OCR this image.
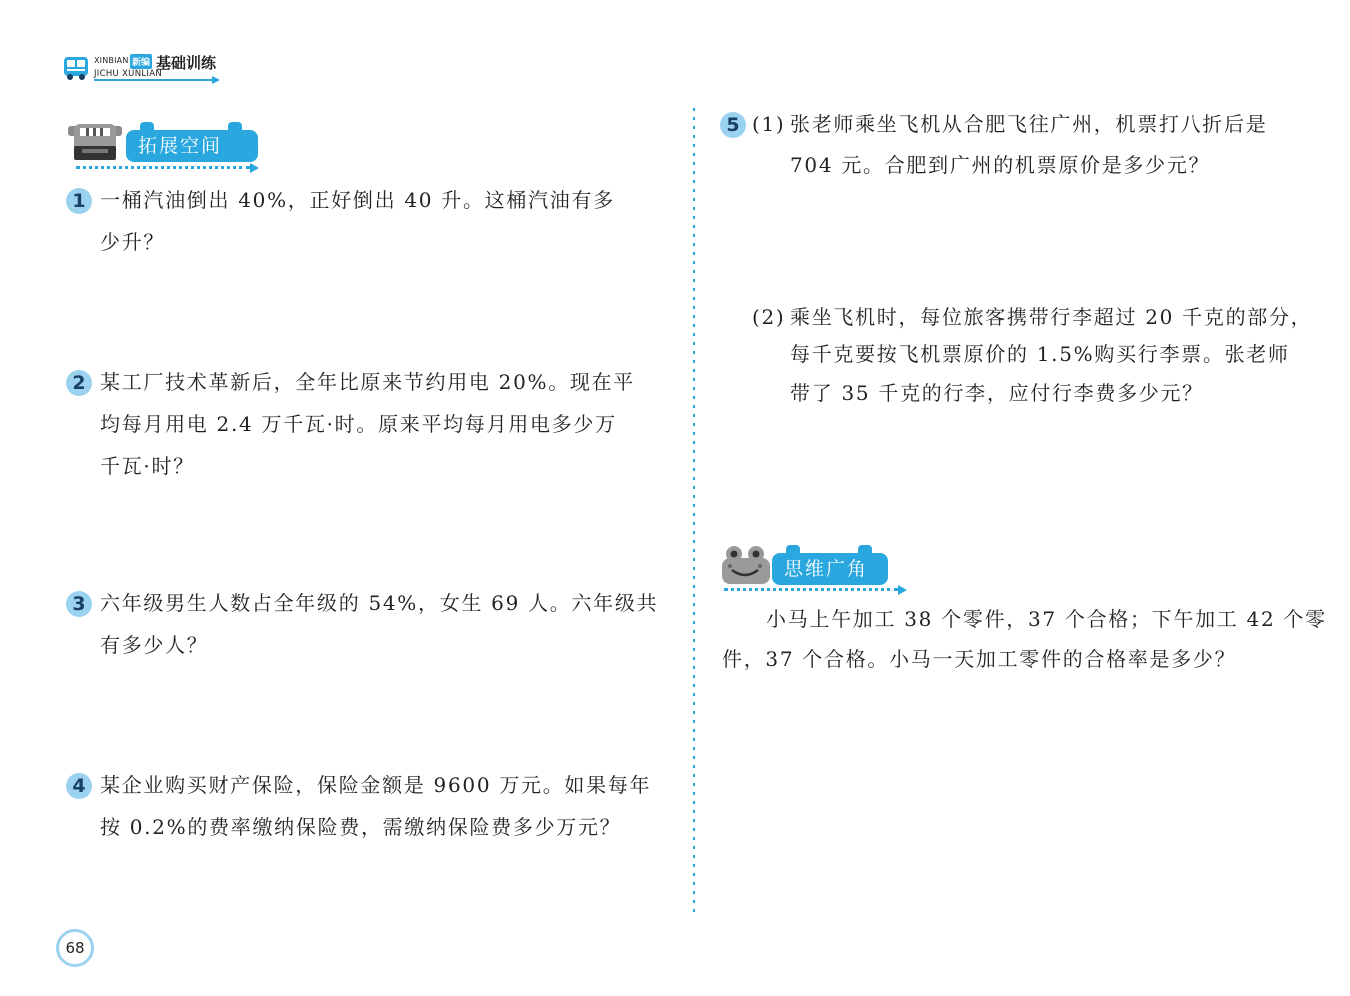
XINBIAN 新编 基础训练
JICHU XUNLIAN
拓展空间
1 一桶汽油倒出 40%，正好倒出 40 升。这桶汽油有多
少升？
2 某工厂技术革新后，全年比原来节约用电 20%。现在平
均每月用电 2.4 万千瓦·时。原来平均每月用电多少万
千瓦·时？
3 六年级男生人数占全年级的 54%，女生 69 人。六年级共
有多少人？
4 某企业购买财产保险，保险金额是 9600 万元。如果每年
按 0.2%的费率缴纳保险费，需缴纳保险费多少万元？
5 (1) 张老师乘坐飞机从合肥飞往广州，机票打八折后是
704 元。合肥到广州的机票原价是多少元？
(2) 乘坐飞机时，每位旅客携带行李超过 20 千克的部分，
每千克要按飞机票原价的 1.5%购买行李票。张老师
带了 35 千克的行李，应付行李费多少元？
思维广角
小马上午加工 38 个零件，37 个合格；下午加工 42 个零
件，37 个合格。小马一天加工零件的合格率是多少？
68
